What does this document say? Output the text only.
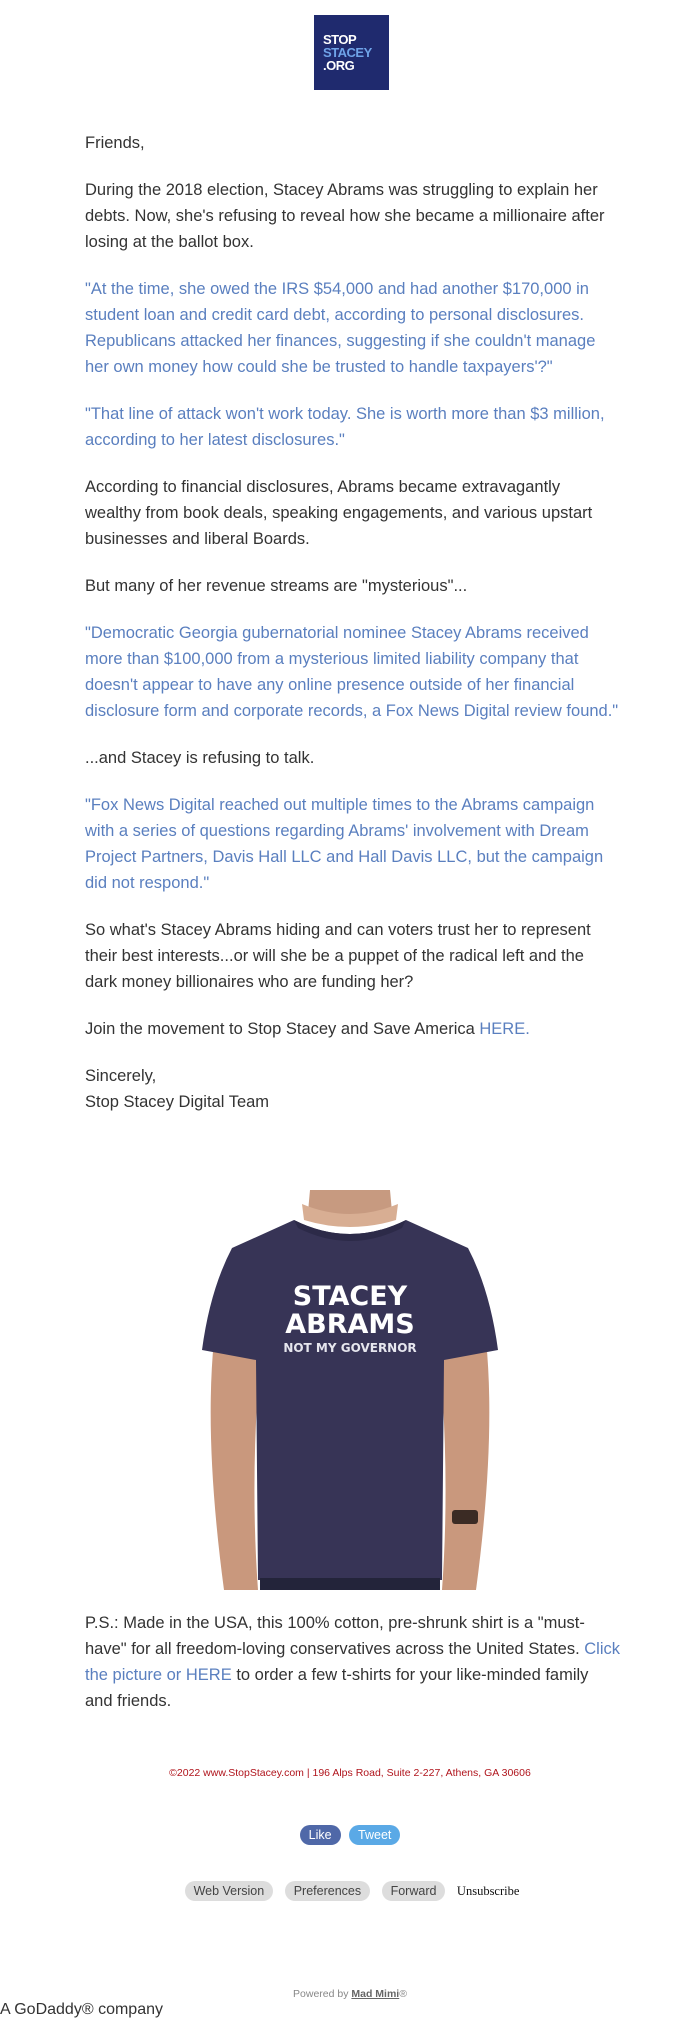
STOP
STACEY
.ORG

Friends,

During the 2018 election, Stacey Abrams was struggling to explain her debts. Now, she's refusing to reveal how she became a millionaire after losing at the ballot box.

"At the time, she owed the IRS $54,000 and had another $170,000 in student loan and credit card debt, according to personal disclosures. Republicans attacked her finances, suggesting if she couldn't manage her own money how could she be trusted to handle taxpayers'?"

"That line of attack won't work today. She is worth more than $3 million, according to her latest disclosures."

According to financial disclosures, Abrams became extravagantly wealthy from book deals, speaking engagements, and various upstart businesses and liberal Boards.

But many of her revenue streams are "mysterious"...

"Democratic Georgia gubernatorial nominee Stacey Abrams received more than $100,000 from a mysterious limited liability company that doesn't appear to have any online presence outside of her financial disclosure form and corporate records, a Fox News Digital review found."

...and Stacey is refusing to talk.

"Fox News Digital reached out multiple times to the Abrams campaign with a series of questions regarding Abrams' involvement with Dream Project Partners, Davis Hall LLC and Hall Davis LLC, but the campaign did not respond."

So what's Stacey Abrams hiding and can voters trust her to represent their best interests...or will she be a puppet of the radical left and the dark money billionaires who are funding her?

Join the movement to Stop Stacey and Save America HERE.

Sincerely,
Stop Stacey Digital Team

STACEY
ABRAMS
NOT MY GOVERNOR

P.S.: Made in the USA, this 100% cotton, pre-shrunk shirt is a "must-have" for all freedom-loving conservatives across the United States. Click the picture or HERE to order a few t-shirts for your like-minded family and friends.

©2022 www.StopStacey.com | 196 Alps Road, Suite 2-227, Athens, GA 30606
Like Tweet
Web Version Preferences Forward Unsubscribe
Powered by Mad Mimi®
A GoDaddy® company
